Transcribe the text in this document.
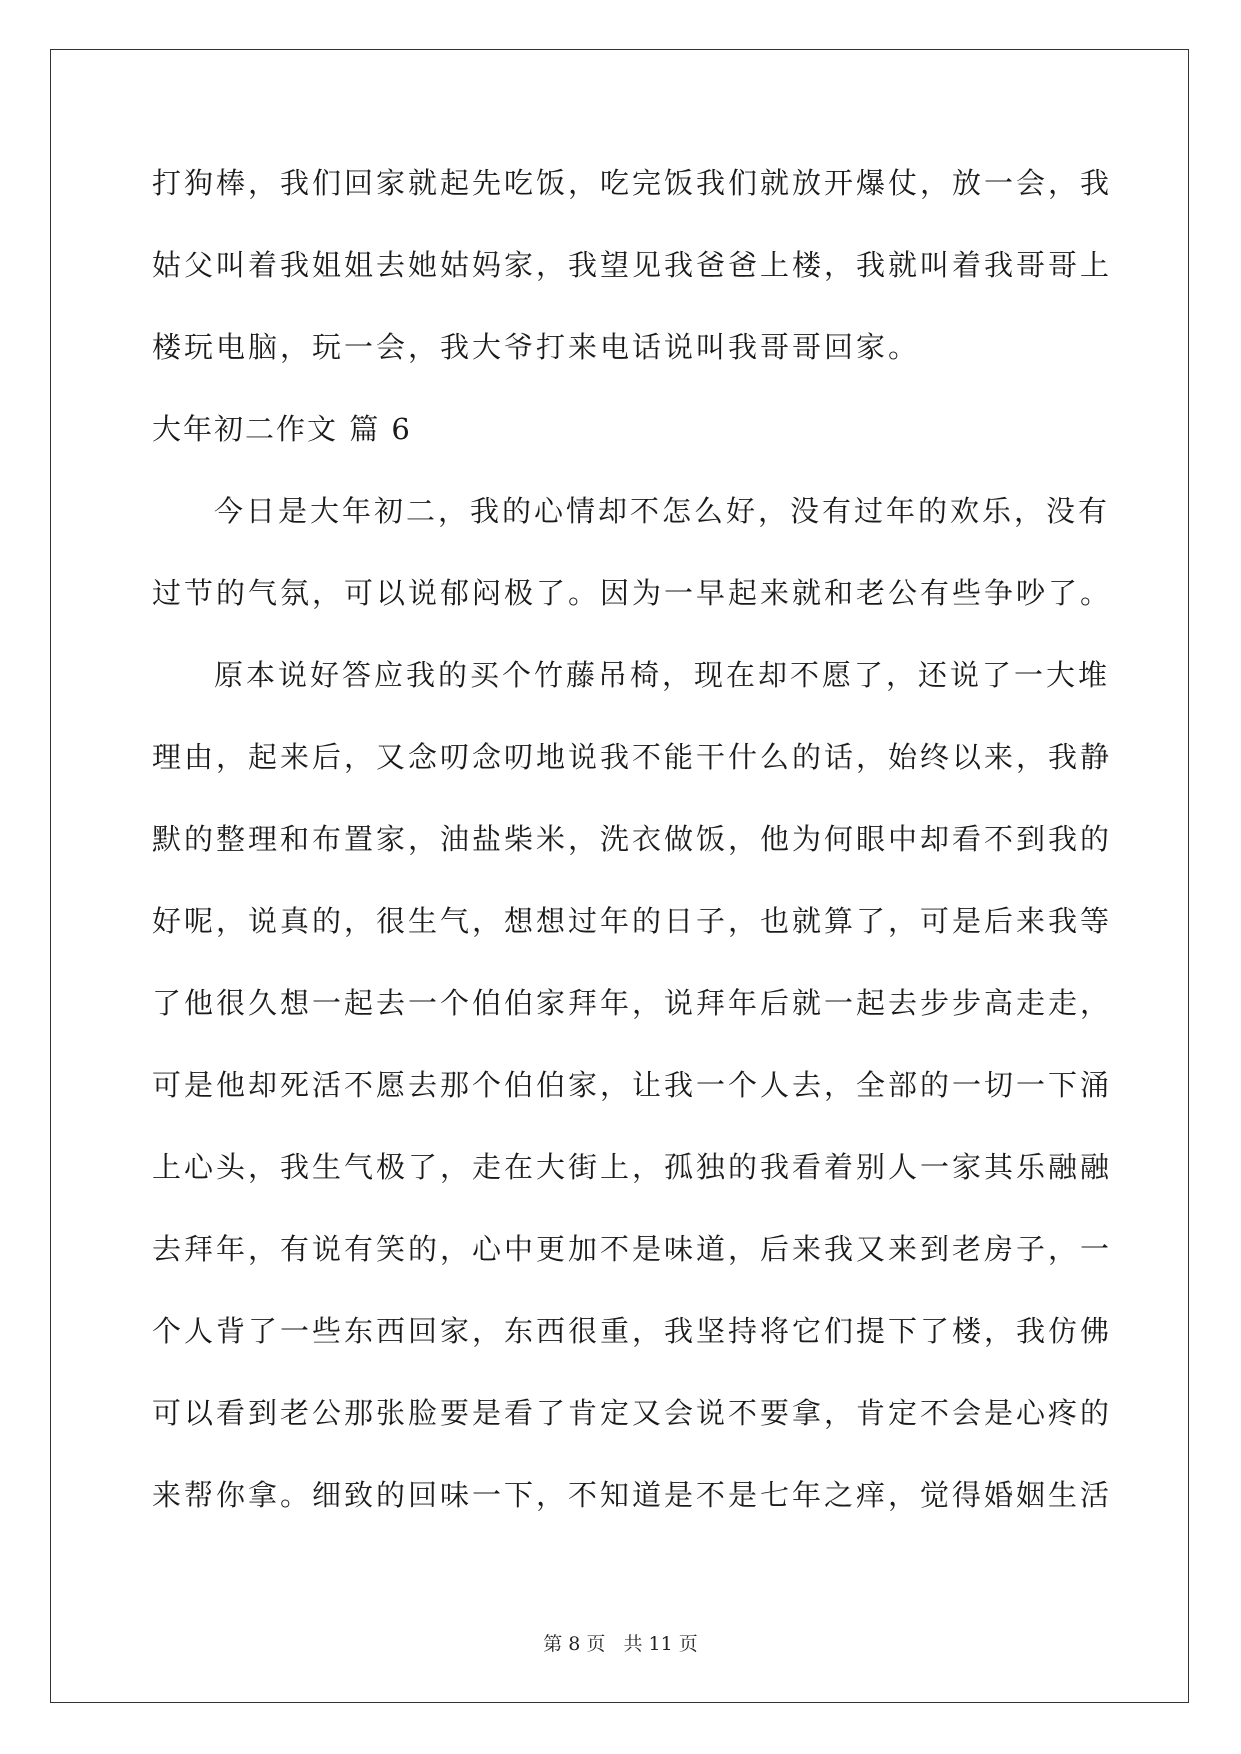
打狗棒，我们回家就起先吃饭，吃完饭我们就放开爆仗，放一会，我
姑父叫着我姐姐去她姑妈家，我望见我爸爸上楼，我就叫着我哥哥上
楼玩电脑，玩一会，我大爷打来电话说叫我哥哥回家。
大年初二作文 篇 6
今日是大年初二，我的心情却不怎么好，没有过年的欢乐，没有
过节的气氛，可以说郁闷极了。因为一早起来就和老公有些争吵了。
原本说好答应我的买个竹藤吊椅，现在却不愿了，还说了一大堆
理由，起来后，又念叨念叨地说我不能干什么的话，始终以来，我静
默的整理和布置家，油盐柴米，洗衣做饭，他为何眼中却看不到我的
好呢，说真的，很生气，想想过年的日子，也就算了，可是后来我等
了他很久想一起去一个伯伯家拜年，说拜年后就一起去步步高走走，
可是他却死活不愿去那个伯伯家，让我一个人去，全部的一切一下涌
上心头，我生气极了，走在大街上，孤独的我看着别人一家其乐融融
去拜年，有说有笑的，心中更加不是味道，后来我又来到老房子，一
个人背了一些东西回家，东西很重，我坚持将它们提下了楼，我仿佛
可以看到老公那张脸要是看了肯定又会说不要拿，肯定不会是心疼的
来帮你拿。细致的回味一下，不知道是不是七年之痒，觉得婚姻生活
第 8 页 共 11 页
